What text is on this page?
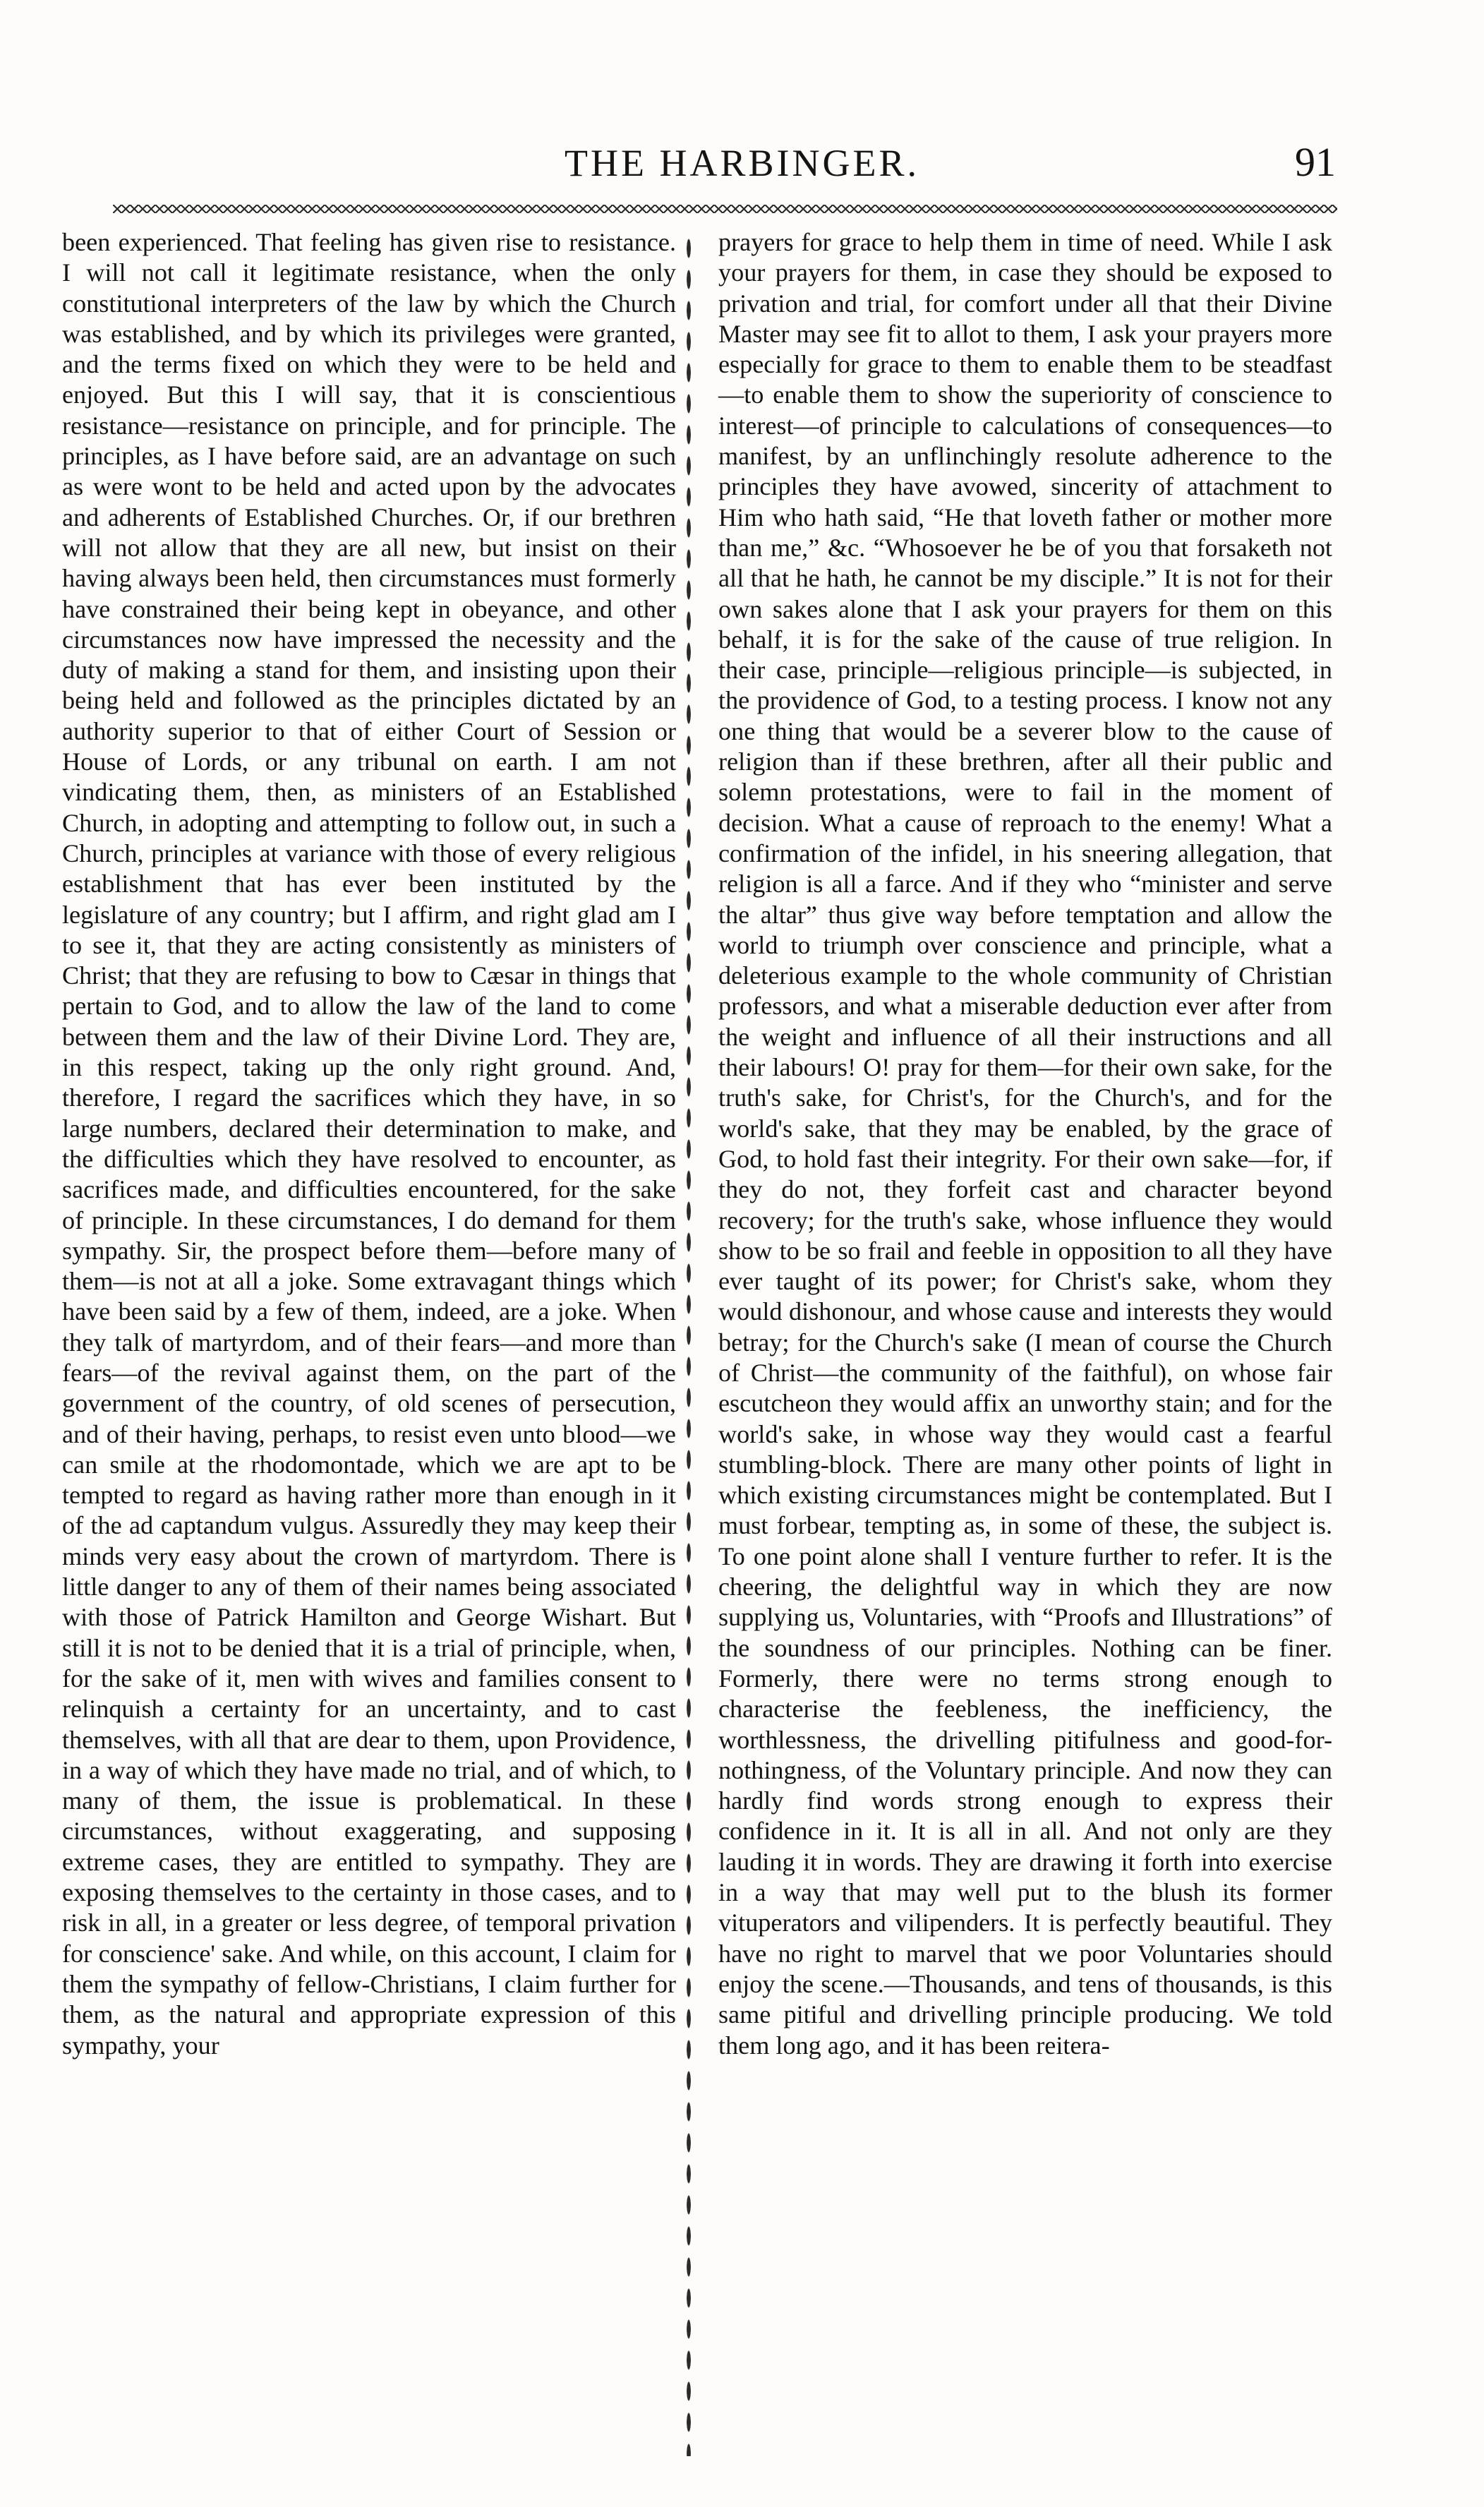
THE HARBINGER.	91

been experienced. That feeling has given rise to resistance. I will not call it legitimate resistance, when the only constitutional interpreters of the law by which the Church was established, and by which its privileges were granted, and the terms fixed on which they were to be held and enjoyed. But this I will say, that it is conscientious resistance—resistance on principle, and for principle. The principles, as I have before said, are an advantage on such as were wont to be held and acted upon by the advocates and adherents of Established Churches. Or, if our brethren will not allow that they are all new, but insist on their having always been held, then circumstances must formerly have constrained their being kept in obeyance, and other circumstances now have impressed the necessity and the duty of making a stand for them, and insisting upon their being held and followed as the principles dictated by an authority superior to that of either Court of Session or House of Lords, or any tribunal on earth. I am not vindicating them, then, as ministers of an Established Church, in adopting and attempting to follow out, in such a Church, principles at variance with those of every religious establishment that has ever been instituted by the legislature of any country; but I affirm, and right glad am I to see it, that they are acting consistently as ministers of Christ; that they are refusing to bow to Cæsar in things that pertain to God, and to allow the law of the land to come between them and the law of their Divine Lord. They are, in this respect, taking up the only right ground. And, therefore, I regard the sacrifices which they have, in so large numbers, declared their determination to make, and the difficulties which they have resolved to encounter, as sacrifices made, and difficulties encountered, for the sake of principle. In these circumstances, I do demand for them sympathy. Sir, the prospect before them—before many of them—is not at all a joke. Some extravagant things which have been said by a few of them, indeed, are a joke. When they talk of martyrdom, and of their fears—and more than fears—of the revival against them, on the part of the government of the country, of old scenes of persecution, and of their having, perhaps, to resist even unto blood—we can smile at the rhodomontade, which we are apt to be tempted to regard as having rather more than enough in it of the ad captandum vulgus. Assuredly they may keep their minds very easy about the crown of martyrdom. There is little danger to any of them of their names being associated with those of Patrick Hamilton and George Wishart. But still it is not to be denied that it is a trial of principle, when, for the sake of it, men with wives and families consent to relinquish a certainty for an uncertainty, and to cast themselves, with all that are dear to them, upon Providence, in a way of which they have made no trial, and of which, to many of them, the issue is problematical. In these circumstances, without exaggerating, and supposing extreme cases, they are entitled to sympathy. They are exposing themselves to the certainty in those cases, and to risk in all, in a greater or less degree, of temporal privation for conscience' sake. And while, on this account, I claim for them the sympathy of fellow-Christians, I claim further for them, as the natural and appropriate expression of this sympathy, your

prayers for grace to help them in time of need. While I ask your prayers for them, in case they should be exposed to privation and trial, for comfort under all that their Divine Master may see fit to allot to them, I ask your prayers more especially for grace to them to enable them to be steadfast—to enable them to show the superiority of conscience to interest—of principle to calculations of consequences—to manifest, by an unflinchingly resolute adherence to the principles they have avowed, sincerity of attachment to Him who hath said, “He that loveth father or mother more than me,” &c. “Whosoever he be of you that forsaketh not all that he hath, he cannot be my disciple.” It is not for their own sakes alone that I ask your prayers for them on this behalf, it is for the sake of the cause of true religion. In their case, principle—religious principle—is subjected, in the providence of God, to a testing process. I know not any one thing that would be a severer blow to the cause of religion than if these brethren, after all their public and solemn protestations, were to fail in the moment of decision. What a cause of reproach to the enemy! What a confirmation of the infidel, in his sneering allegation, that religion is all a farce. And if they who “minister and serve the altar” thus give way before temptation and allow the world to triumph over conscience and principle, what a deleterious example to the whole community of Christian professors, and what a miserable deduction ever after from the weight and influence of all their instructions and all their labours! O! pray for them—for their own sake, for the truth's sake, for Christ's, for the Church's, and for the world's sake, that they may be enabled, by the grace of God, to hold fast their integrity. For their own sake—for, if they do not, they forfeit cast and character beyond recovery; for the truth's sake, whose influence they would show to be so frail and feeble in opposition to all they have ever taught of its power; for Christ's sake, whom they would dishonour, and whose cause and interests they would betray; for the Church's sake (I mean of course the Church of Christ—the community of the faithful), on whose fair escutcheon they would affix an unworthy stain; and for the world's sake, in whose way they would cast a fearful stumbling-block. There are many other points of light in which existing circumstances might be contemplated. But I must forbear, tempting as, in some of these, the subject is. To one point alone shall I venture further to refer. It is the cheering, the delightful way in which they are now supplying us, Voluntaries, with “Proofs and Illustrations” of the soundness of our principles. Nothing can be finer. Formerly, there were no terms strong enough to characterise the feebleness, the inefficiency, the worthlessness, the drivelling pitifulness and good-for-nothingness, of the Voluntary principle. And now they can hardly find words strong enough to express their confidence in it. It is all in all. And not only are they lauding it in words. They are drawing it forth into exercise in a way that may well put to the blush its former vituperators and vilipenders. It is perfectly beautiful. They have no right to marvel that we poor Voluntaries should enjoy the scene.—Thousands, and tens of thousands, is this same pitiful and drivelling principle producing. We told them long ago, and it has been reitera-
